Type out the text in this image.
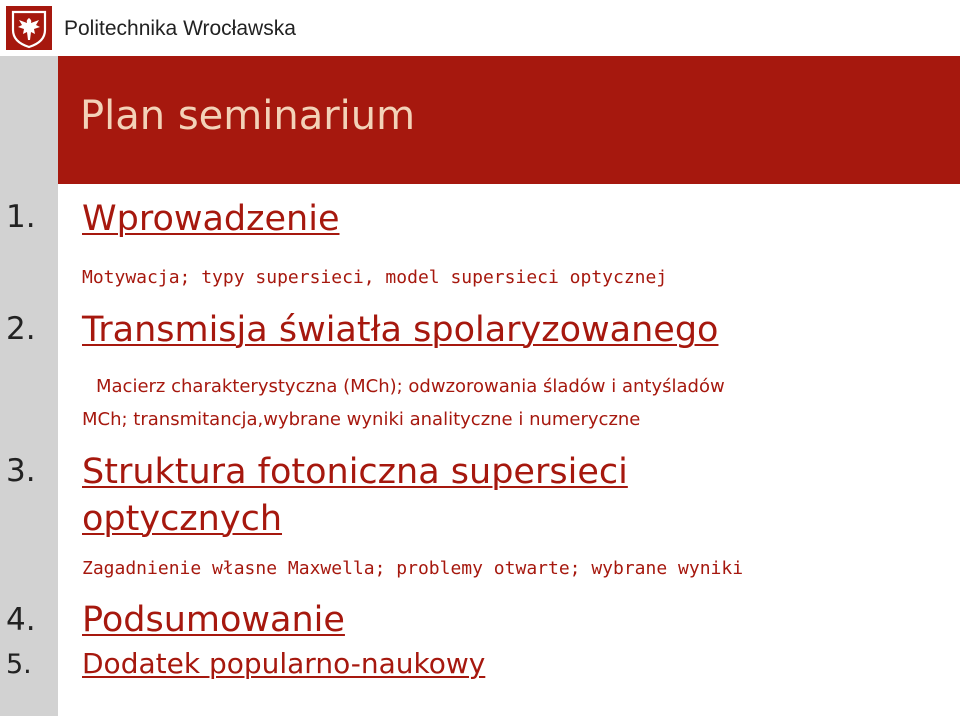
Politechnika Wrocławska
Plan seminarium
1. Wprowadzenie
Motywacja; typy supersieci, model supersieci optycznej
2. Transmisja światła spolaryzowanego
Macierz charakterystyczna (MCh); odwzorowania śladów i antyśladów
MCh; transmitancja,wybrane wyniki analityczne i numeryczne
3. Struktura fotoniczna supersieci
optycznych
Zagadnienie własne Maxwella; problemy otwarte; wybrane wyniki
4. Podsumowanie
5. Dodatek popularno-naukowy
